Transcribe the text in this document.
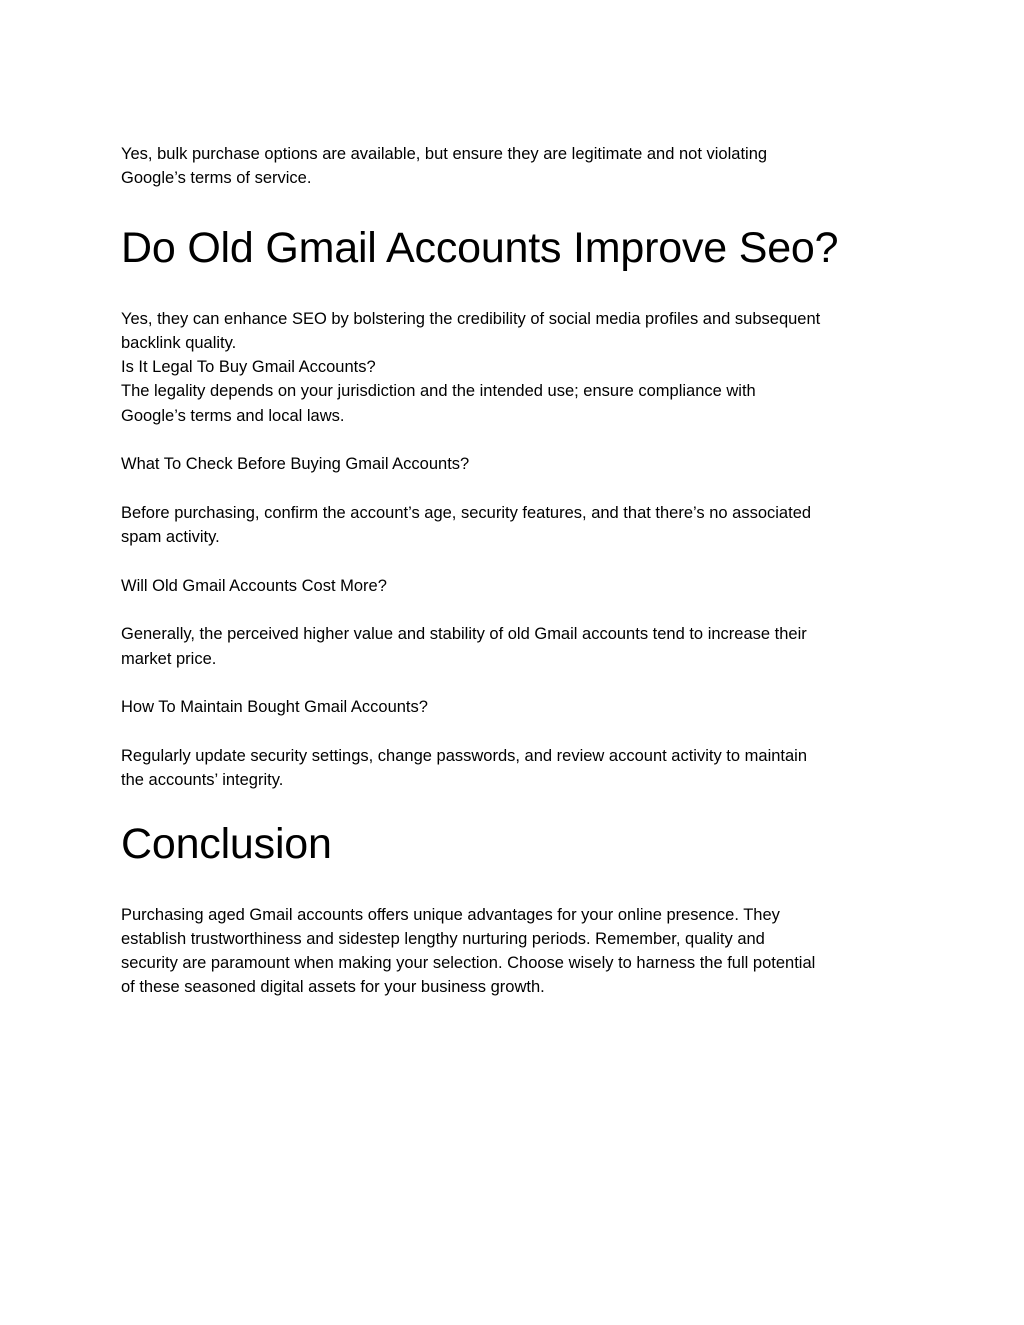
Yes, bulk purchase options are available, but ensure they are legitimate and not violating
Google’s terms of service.

Do Old Gmail Accounts Improve Seo?

Yes, they can enhance SEO by bolstering the credibility of social media profiles and subsequent
backlink quality.
Is It Legal To Buy Gmail Accounts?
The legality depends on your jurisdiction and the intended use; ensure compliance with
Google’s terms and local laws.

What To Check Before Buying Gmail Accounts?

Before purchasing, confirm the account’s age, security features, and that there’s no associated
spam activity.

Will Old Gmail Accounts Cost More?

Generally, the perceived higher value and stability of old Gmail accounts tend to increase their
market price.

How To Maintain Bought Gmail Accounts?

Regularly update security settings, change passwords, and review account activity to maintain
the accounts’ integrity.

Conclusion

Purchasing aged Gmail accounts offers unique advantages for your online presence. They
establish trustworthiness and sidestep lengthy nurturing periods. Remember, quality and
security are paramount when making your selection. Choose wisely to harness the full potential
of these seasoned digital assets for your business growth.
